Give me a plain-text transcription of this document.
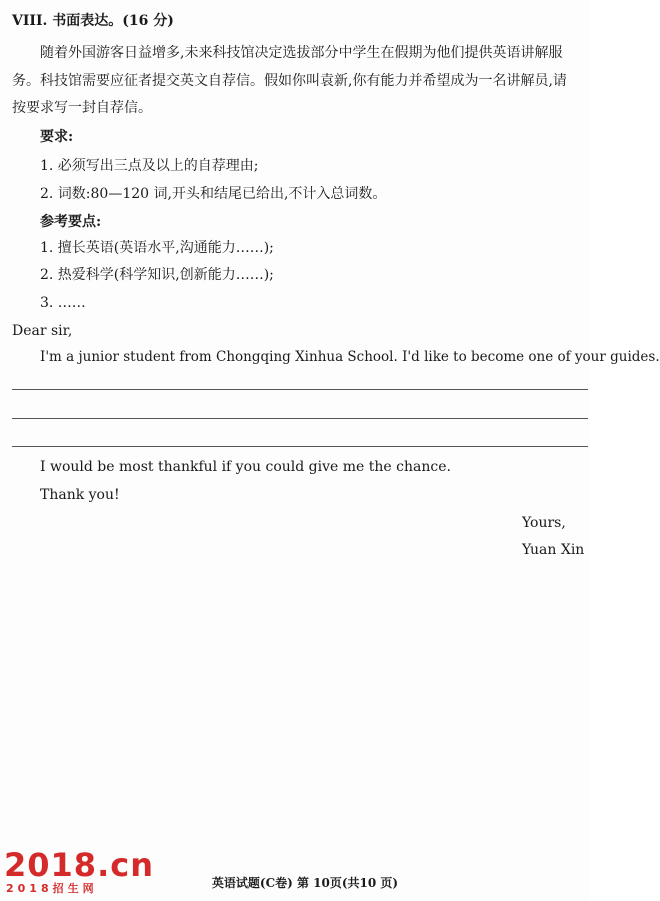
VIII. 书面表达。(16 分)
随着外国游客日益增多,未来科技馆决定选拔部分中学生在假期为他们提供英语讲解服
务。科技馆需要应征者提交英文自荐信。假如你叫袁新,你有能力并希望成为一名讲解员,请
按要求写一封自荐信。
要求:
1. 必须写出三点及以上的自荐理由;
2. 词数:80—120 词,开头和结尾已给出,不计入总词数。
参考要点:
1. 擅长英语(英语水平,沟通能力……);
2. 热爱科学(科学知识,创新能力……);
3. ……
Dear sir,
I'm a junior student from Chongqing Xinhua School. I'd like to become one of your guides.
I would be most thankful if you could give me the chance.
Thank you!
Yours,
Yuan Xin
2018.cn
2018招生网	英语试题(C卷) 第 10页(共10 页)
